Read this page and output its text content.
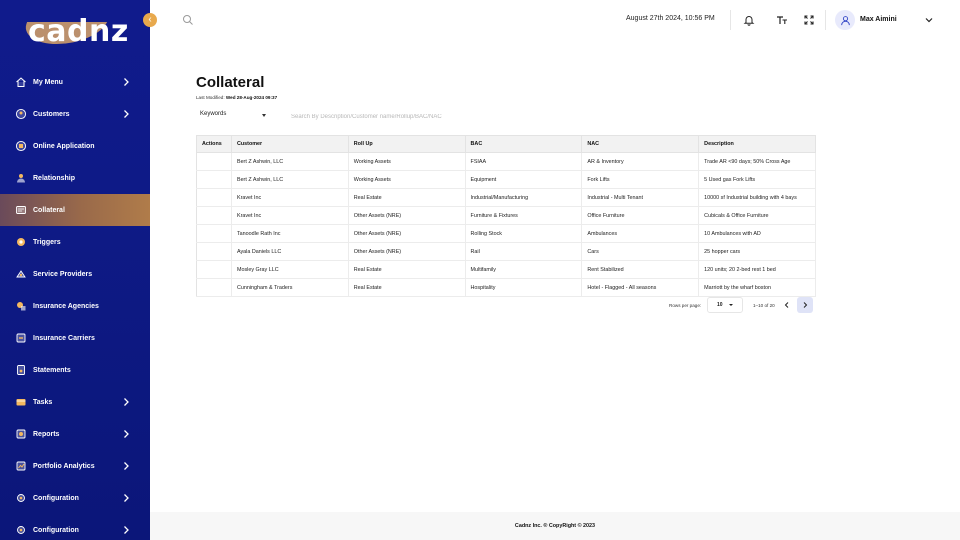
cadnz
My Menu
Customers
Online Application
Relationship
Collateral
Triggers
Service Providers
Insurance Agencies
Insurance Carriers
Statements
Tasks
Reports
Portfolio Analytics
Configuration
Configuration
‹	August 27th 2024, 10:56 PM	Max Aimini
Collateral
Last Modified: Wed 28-Aug-2024 09:37
Keywords
Search By Description/Customer name/Rollup/BAC/NAC
Actions	Customer	Roll Up	BAC	NAC	Description
	Bert Z Ashwin, LLC	Working Assets	FSIAA	AR & Inventory	Trade AR <90 days; 50% Cross Age
	Bert Z Ashwin, LLC	Working Assets	Equipment	Fork Lifts	5 Used gas Fork Lifts
	Kravet Inc	Real Estate	Industrial/Manufacturing	Industrial - Multi Tenant	10000 sf Industrial building with 4 bays
	Kravet Inc	Other Assets (NRE)	Furniture & Fixtures	Office Furniture	Cubicals & Office Furniture
	Tanoodle Rath Inc	Other Assets (NRE)	Rolling Stock	Ambulances	10 Ambulances with AD
	Ayala Daniels LLC	Other Assets (NRE)	Rail	Cars	25 hopper cars
	Mosley Gray LLC	Real Estate	Multifamily	Rent Stabilized	120 units; 20 2-bed rest 1 bed
	Cunningham & Traders	Real Estate	Hospitality	Hotel - Flagged - All seasons	Marriott by the wharf boston
Rows per page:	10	1–10 of 20
Cadnz Inc. ® CopyRight © 2023
